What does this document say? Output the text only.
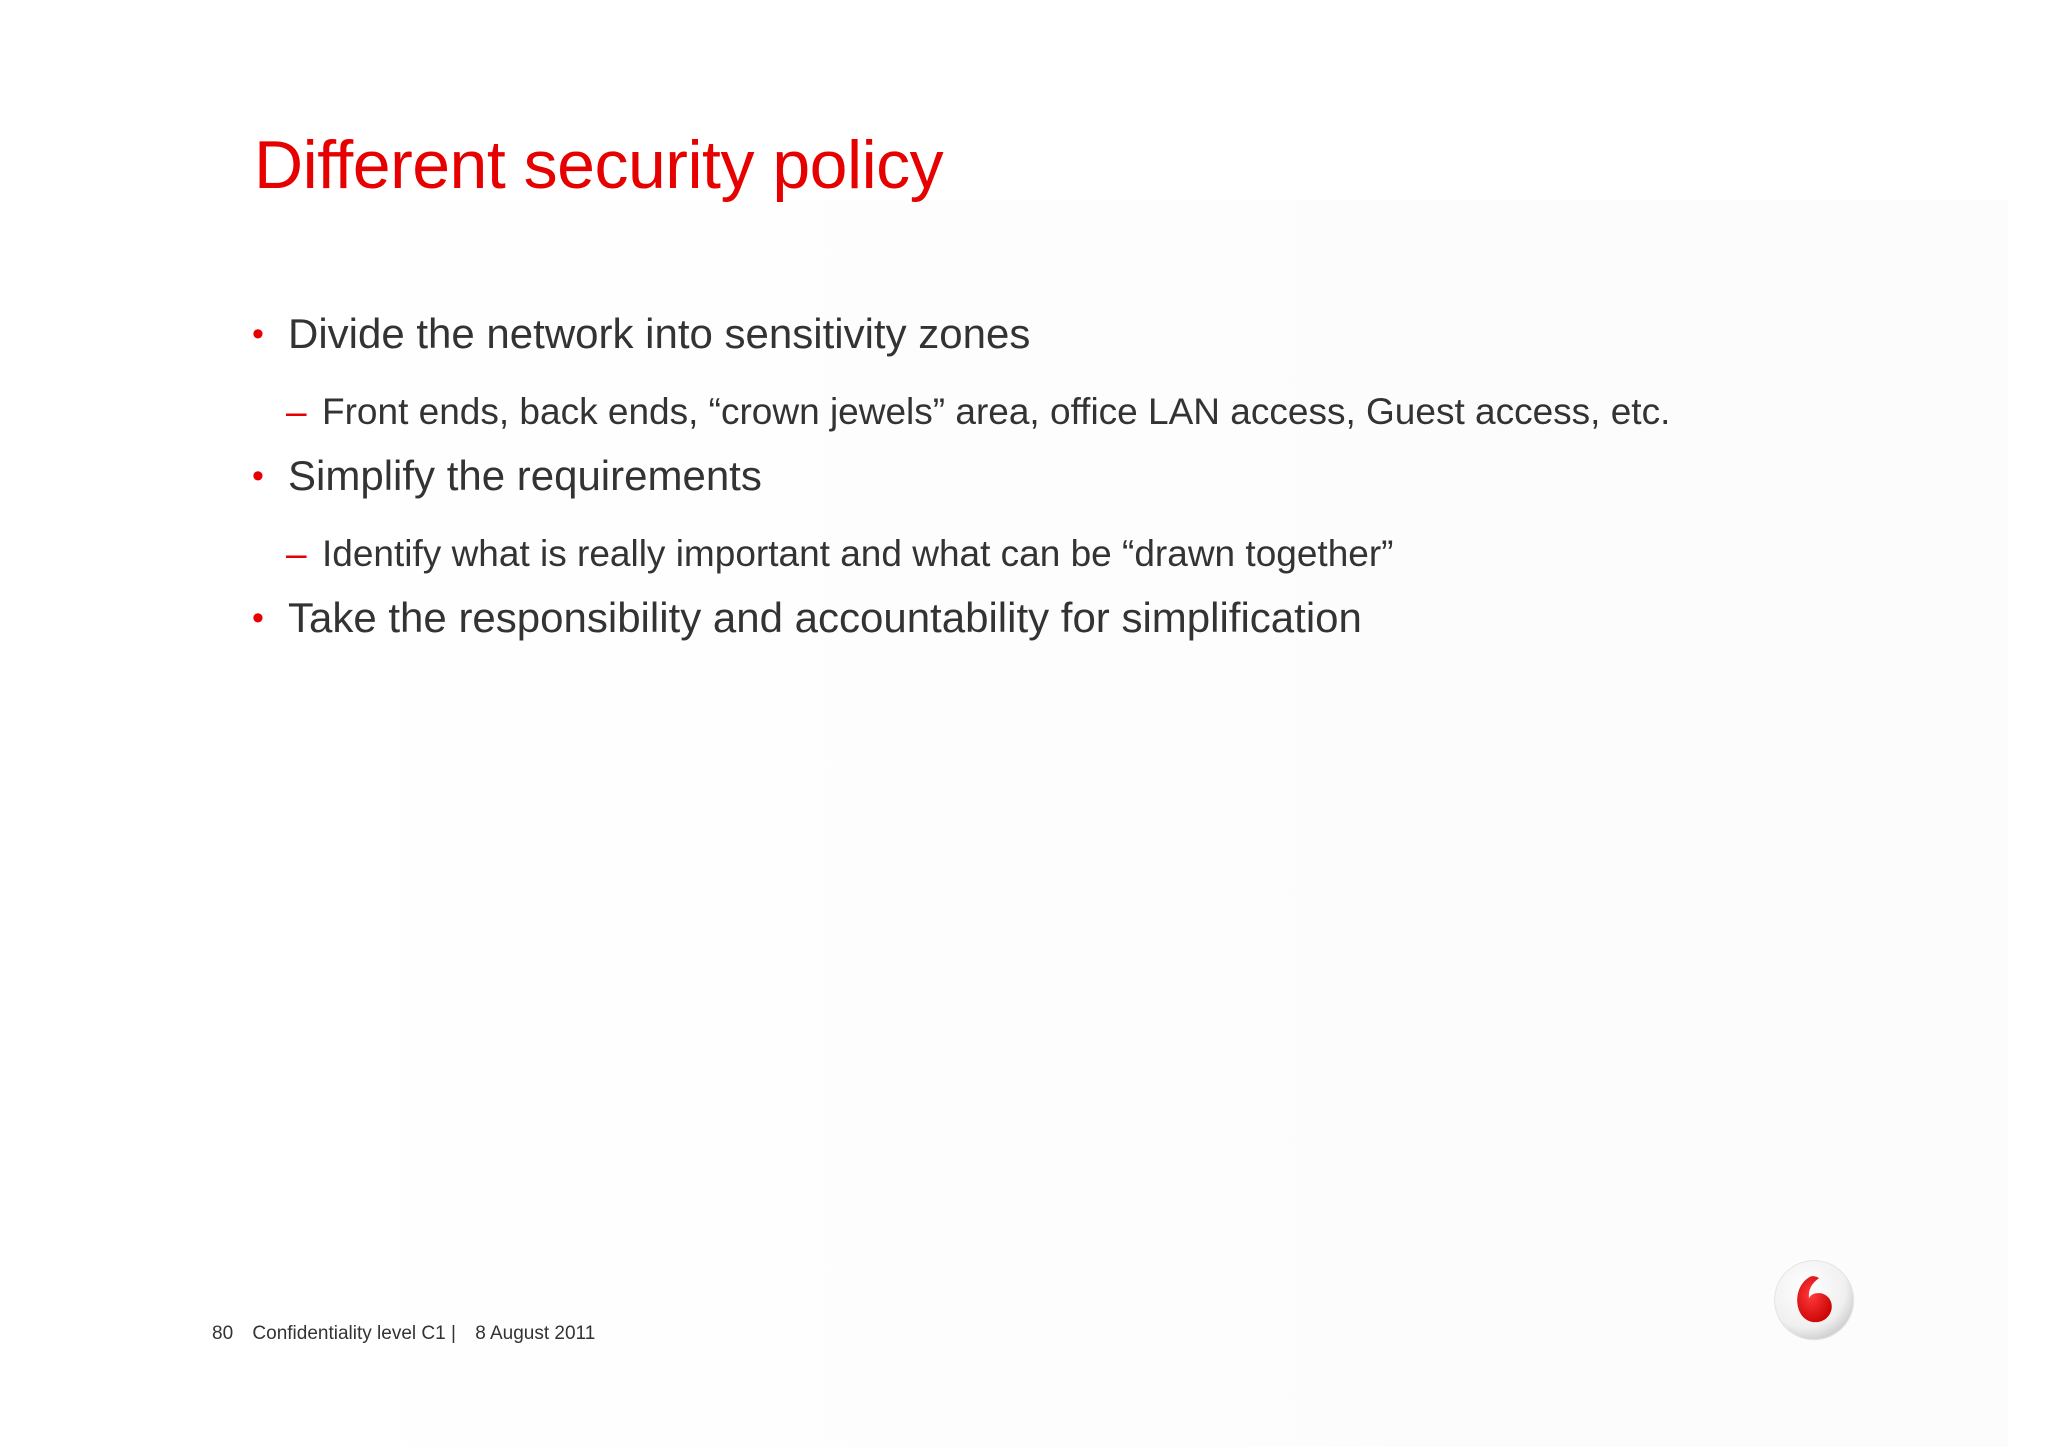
Different security policy
• Divide the network into sensitivity zones
– Front ends, back ends, “crown jewels” area, office LAN access, Guest access, etc.
• Simplify the requirements
– Identify what is really important and what can be “drawn together”
• Take the responsibility and accountability for simplification
80 Confidentiality level C1 | 8 August 2011
